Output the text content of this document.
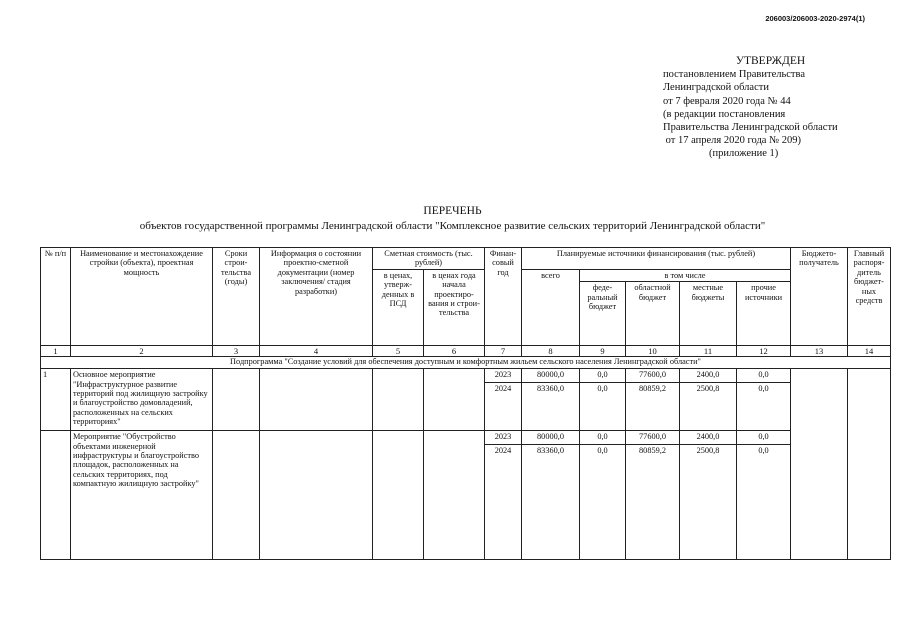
206003/206003-2020-2974(1)
УТВЕРЖДЕН
постановлением Правительства
Ленинградской области
от 7 февраля 2020 года № 44
(в редакции постановления
Правительства Ленинградской области
от 17 апреля 2020 года № 209)
(приложение 1)
ПЕРЕЧЕНЬ
объектов государственной программы Ленинградской области "Комплексное развитие сельских территорий Ленинградской области"
№ п/п	Наименование и местонахождение стройки (объекта), проектная мощность	Сроки строи-тельства (годы)	Информация о состоянии проектно-сметной документации (номер заключения/ стадия разработки)	Сметная стоимость (тыс. рублей)		Финан-совый год	Планируемые источники финансирования (тыс. рублей)					Бюджето-получатель	Главный распоря-дитель бюджет-ных средств
				в ценах, утверж-денных в ПСД	в ценах года начала проектиро-вания и строи-тельства		всего	в том числе					
								феде-ральный бюджет	областной бюджет	местные бюджеты	прочие источники		
1	2	3	4	5	6	7	8	9	10	11	12	13	14
Подпрограмма "Создание условий для обеспечения доступным и комфортным жильем сельского населения Ленинградской области"													
1	Основное мероприятие "Инфраструктурное развитие территорий под жилищную застройку и благоустройство домовладений, расположенных на сельских территориях"					2023	80000,0	0,0	77600,0	2400,0	0,0		
						2024	83360,0	0,0	80859,2	2500,8	0,0		
	Мероприятие "Обустройство объектами инженерной инфраструктуры и благоустройство площадок, расположенных на сельских территориях, под компактную жилищную застройку"					2023	80000,0	0,0	77600,0	2400,0	0,0		
						2024	83360,0	0,0	80859,2	2500,8	0,0		
